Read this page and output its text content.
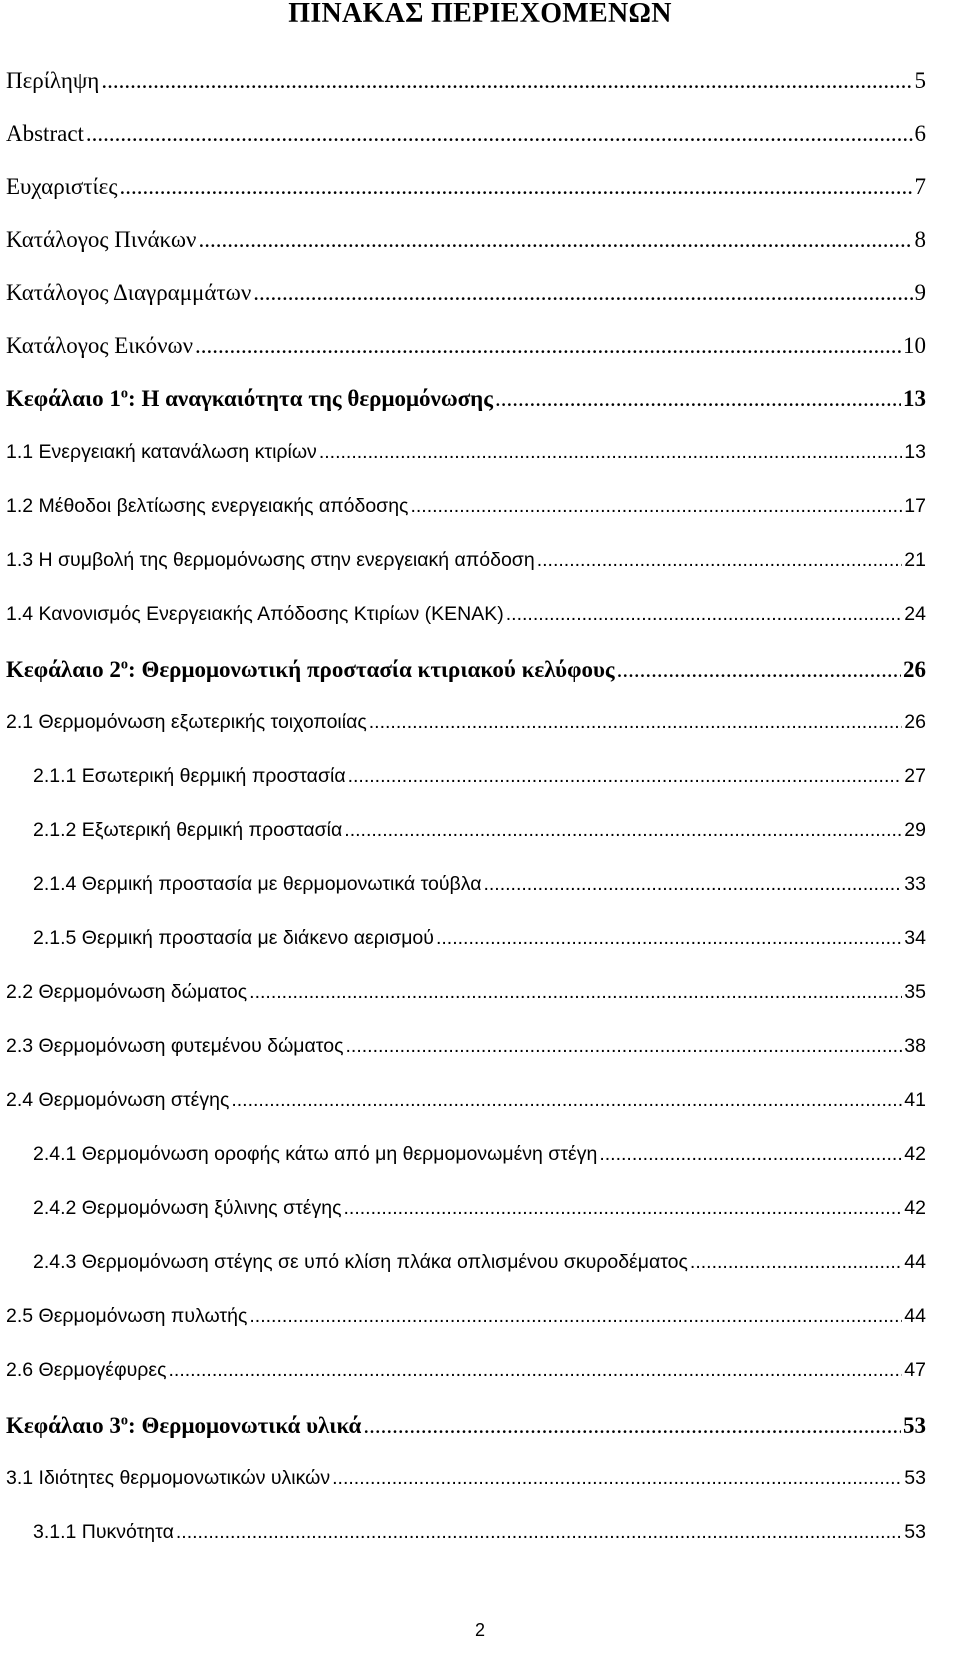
ΠΙΝΑΚΑΣ ΠΕΡΙΕΧΟΜΕΝΩΝ
Περίληψη .....	5
Abstract .....	6
Ευχαριστίες .....	7
Κατάλογος Πινάκων .....	8
Κατάλογος Διαγραμμάτων .....	9
Κατάλογος Εικόνων .....	10
Κεφάλαιο $1^o$: Η αναγκαιότητα της θερμομόνωσης .....	13
1.1 Ενεργειακή κατανάλωση κτιρίων .....	13
1.2 Μέθοδοι βελτίωσης ενεργειακής απόδοσης .....	17
1.3 Η συμβολή της θερμομόνωσης στην ενεργειακή απόδοση .....	21
1.4 Κανονισμός Ενεργειακής Απόδοσης Κτιρίων (ΚΕΝΑΚ) .....	24
Κεφάλαιο $2^o$: Θερμομονωτική προστασία κτιριακού κελύφους .....	26
2.1 Θερμομόνωση εξωτερικής τοιχοποιίας .....	26
2.1.1 Εσωτερική θερμική προστασία .....	27
2.1.2 Εξωτερική θερμική προστασία .....	29
2.1.4 Θερμική προστασία με θερμομονωτικά τούβλα .....	33
2.1.5 Θερμική προστασία με διάκενο αερισμού .....	34
2.2 Θερμομόνωση δώματος .....	35
2.3 Θερμομόνωση φυτεμένου δώματος .....	38
2.4 Θερμομόνωση στέγης .....	41
2.4.1 Θερμομόνωση οροφής κάτω από μη θερμομονωμένη στέγη .....	42
2.4.2 Θερμομόνωση ξύλινης στέγης .....	42
2.4.3 Θερμομόνωση στέγης σε υπό κλίση πλάκα οπλισμένου σκυροδέματος .....	44
2.5 Θερμομόνωση πυλωτής .....	44
2.6 Θερμογέφυρες .....	47
Κεφάλαιο $3^o$: Θερμομονωτικά υλικά .....	53
3.1 Ιδιότητες θερμομονωτικών υλικών .....	53
3.1.1 Πυκνότητα .....	53
2
